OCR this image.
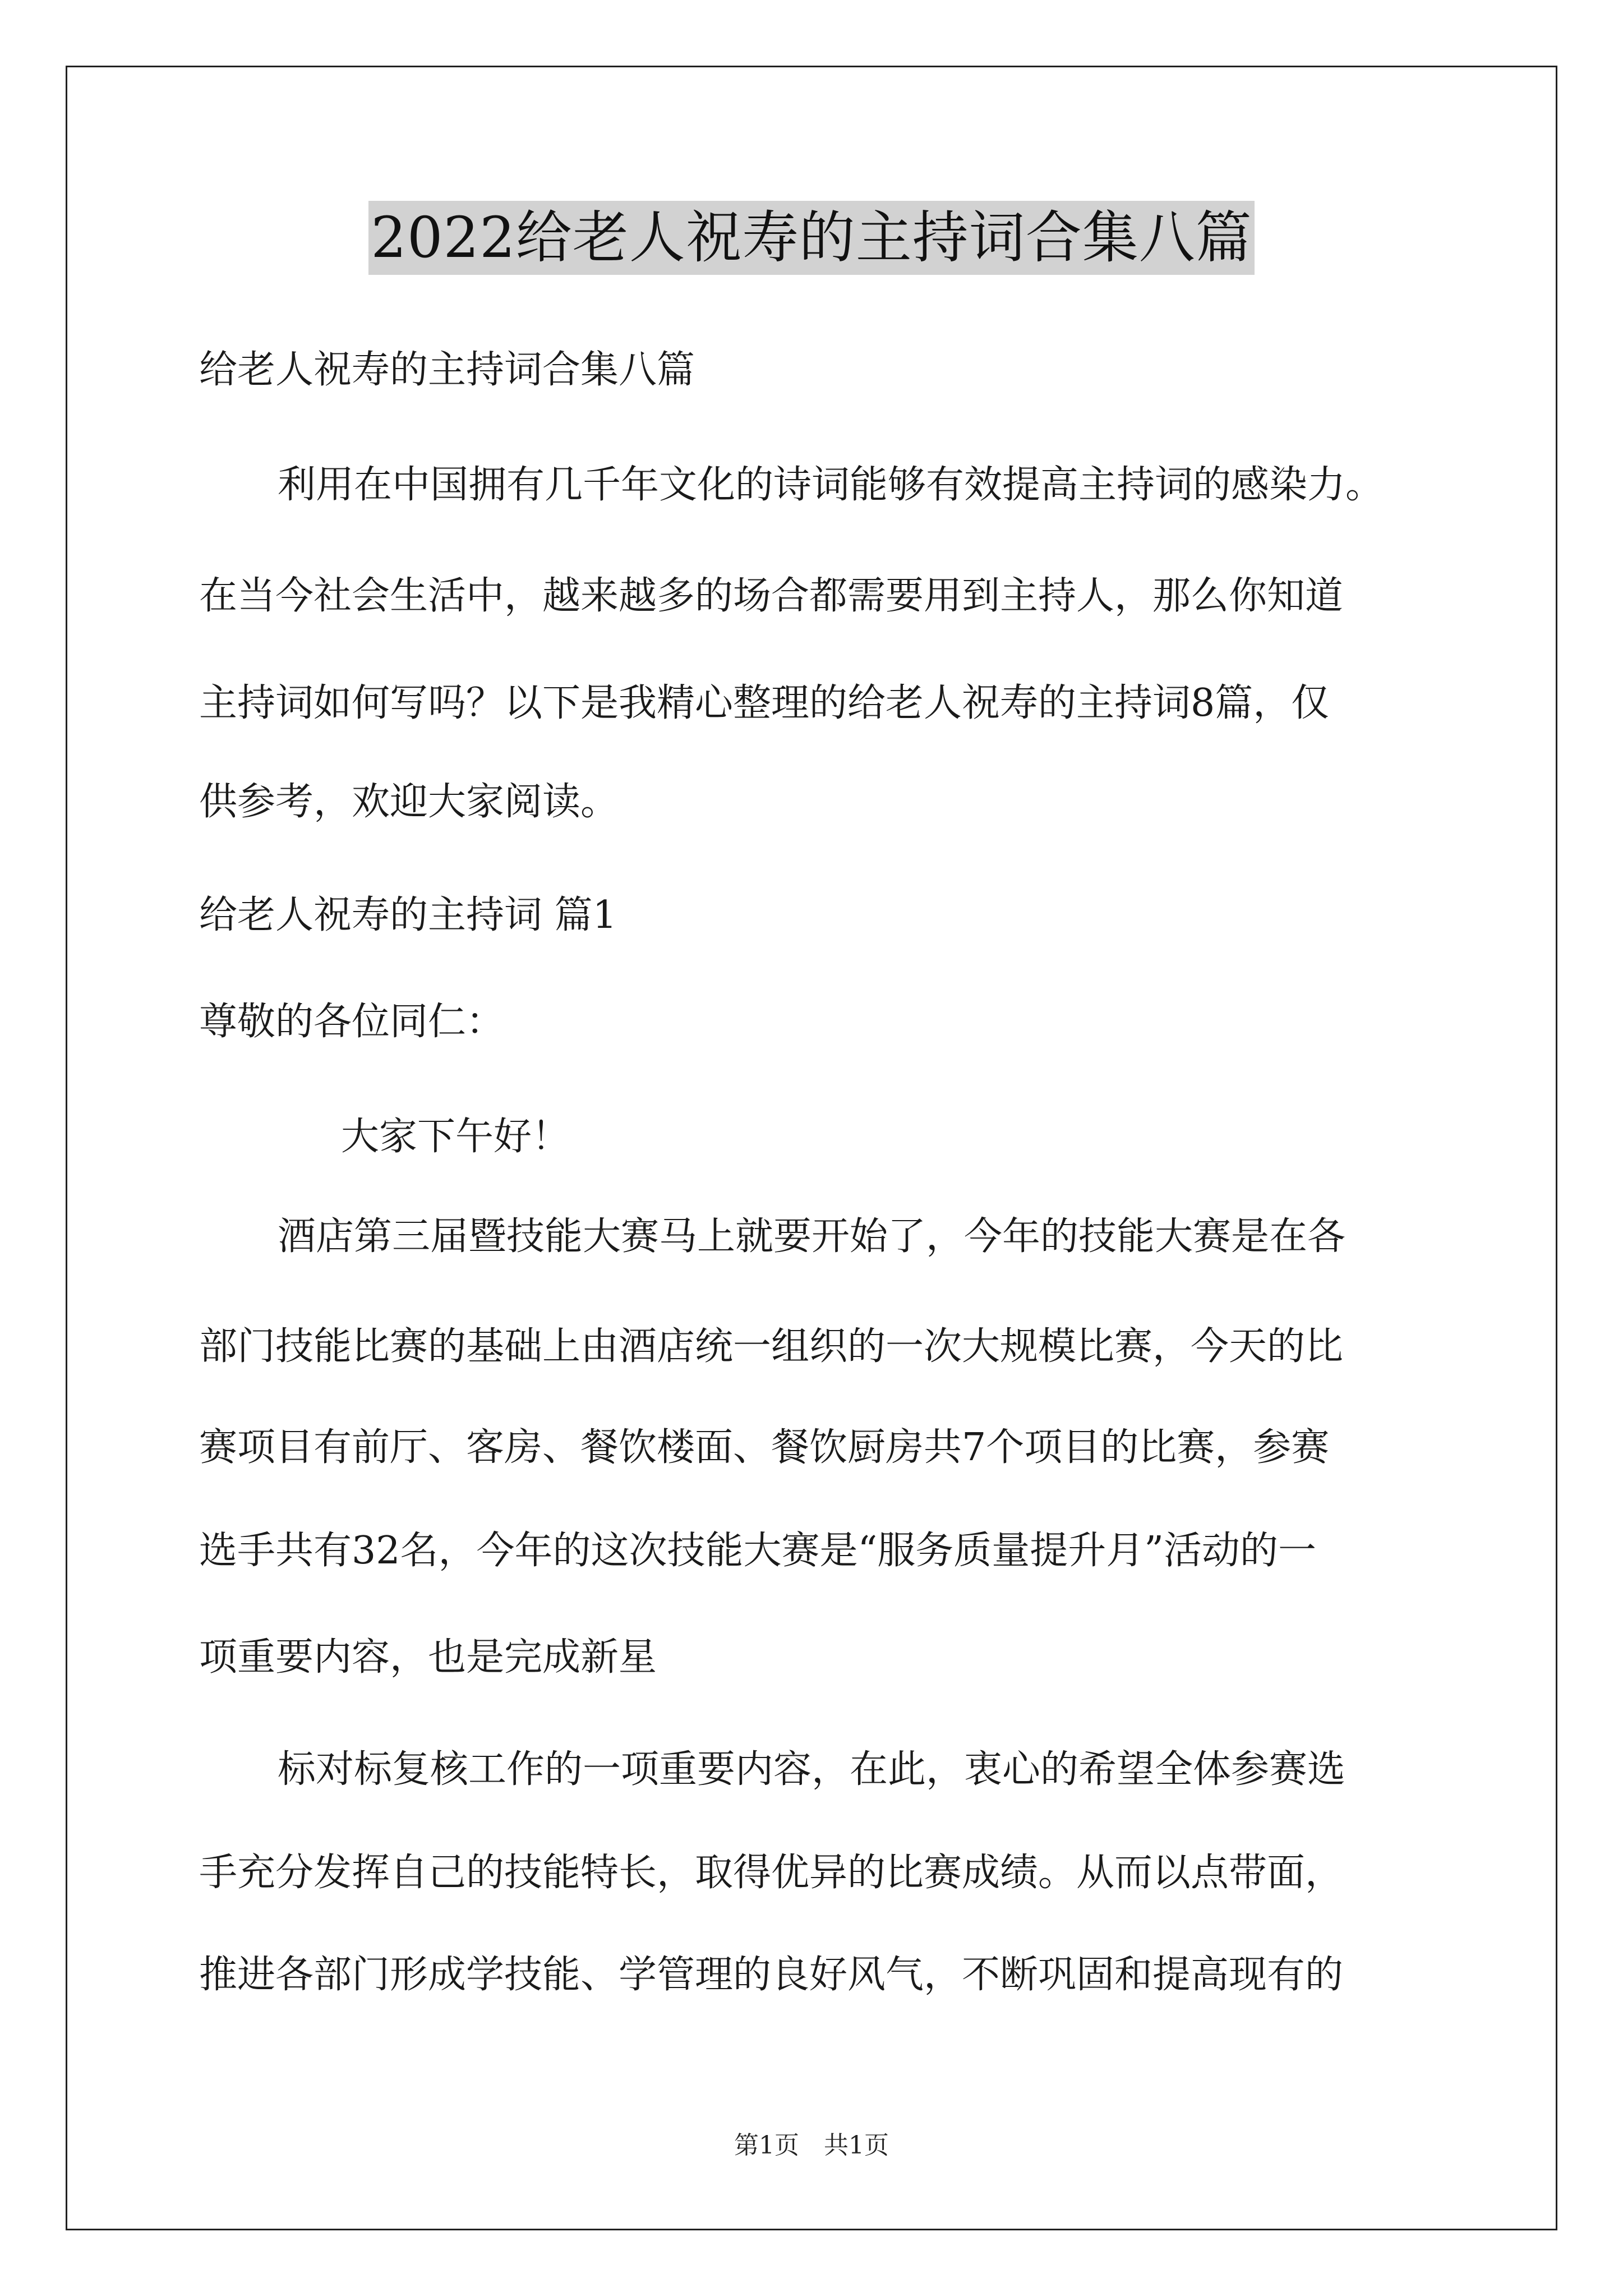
2022给老人祝寿的主持词合集八篇
给老人祝寿的主持词合集八篇
利用在中国拥有几千年文化的诗词能够有效提高主持词的感染力。
在当今社会生活中，越来越多的场合都需要用到主持人，那么你知道
主持词如何写吗？以下是我精心整理的给老人祝寿的主持词8篇，仅
供参考，欢迎大家阅读。
给老人祝寿的主持词 篇1
尊敬的各位同仁：
大家下午好！
酒店第三届暨技能大赛马上就要开始了，今年的技能大赛是在各
部门技能比赛的基础上由酒店统一组织的一次大规模比赛，今天的比
赛项目有前厅、客房、餐饮楼面、餐饮厨房共7个项目的比赛，参赛
选手共有32名，今年的这次技能大赛是“服务质量提升月”活动的一
项重要内容，也是完成新星
标对标复核工作的一项重要内容，在此，衷心的希望全体参赛选
手充分发挥自己的技能特长，取得优异的比赛成绩。从而以点带面，
推进各部门形成学技能、学管理的良好风气，不断巩固和提高现有的
第1页　共1页
